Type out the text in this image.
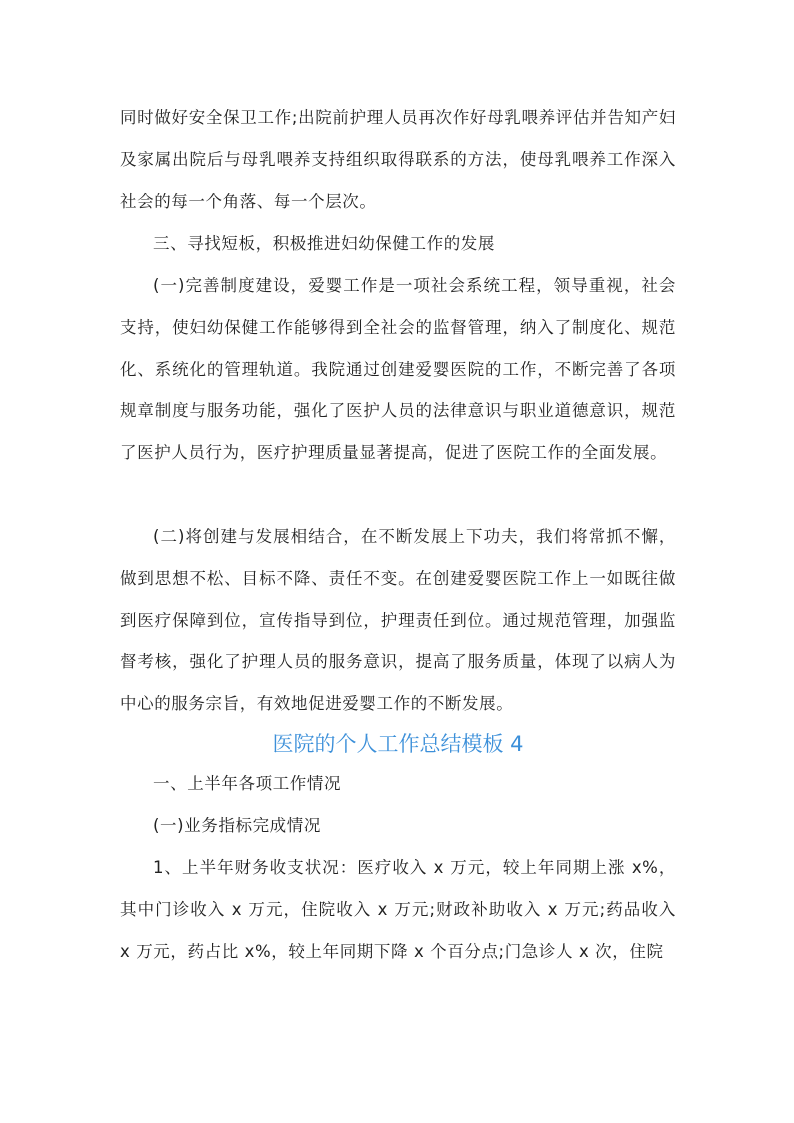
同时做好安全保卫工作;出院前护理人员再次作好母乳喂养评估并告知产妇及家属出院后与母乳喂养支持组织取得联系的方法，使母乳喂养工作深入社会的每一个角落、每一个层次。

三、寻找短板，积极推进妇幼保健工作的发展

(一)完善制度建设，爱婴工作是一项社会系统工程，领导重视，社会支持，使妇幼保健工作能够得到全社会的监督管理，纳入了制度化、规范化、系统化的管理轨道。我院通过创建爱婴医院的工作，不断完善了各项规章制度与服务功能，强化了医护人员的法律意识与职业道德意识，规范了医护人员行为，医疗护理质量显著提高，促进了医院工作的全面发展。

(二)将创建与发展相结合，在不断发展上下功夫，我们将常抓不懈，做到思想不松、目标不降、责任不变。在创建爱婴医院工作上一如既往做到医疗保障到位，宣传指导到位，护理责任到位。通过规范管理，加强监督考核，强化了护理人员的服务意识，提高了服务质量，体现了以病人为中心的服务宗旨，有效地促进爱婴工作的不断发展。

医院的个人工作总结模板 4

一、上半年各项工作情况

(一)业务指标完成情况

1、上半年财务收支状况：医疗收入 x 万元，较上年同期上涨 x%，其中门诊收入 x 万元，住院收入 x 万元;财政补助收入 x 万元;药品收入 x 万元，药占比 x%，较上年同期下降 x 个百分点;门急诊人 x 次，住院
